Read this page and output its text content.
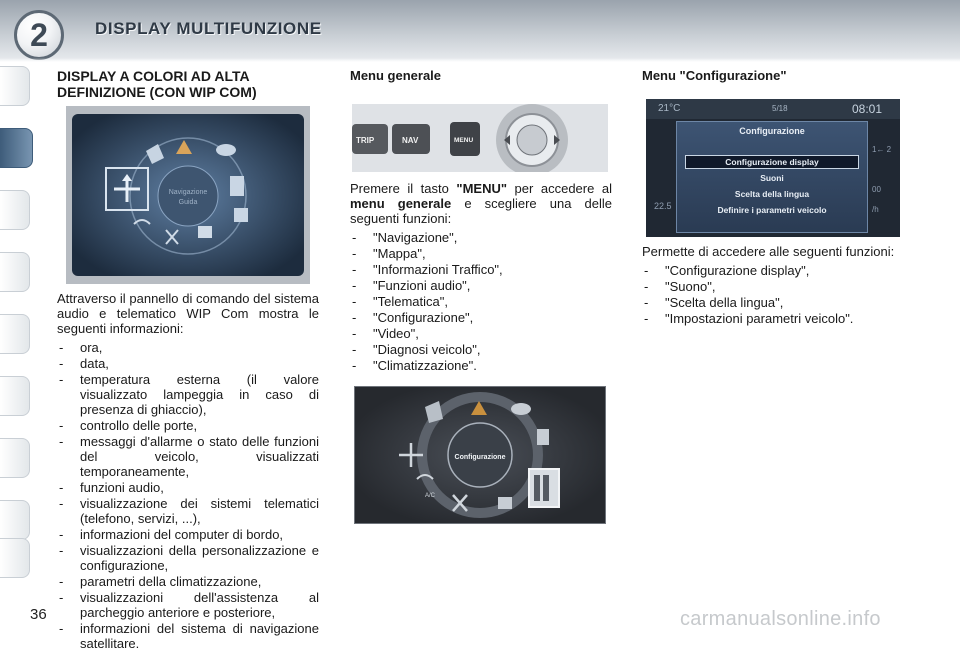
2	DISPLAY MULTIFUNZIONE
DISPLAY A COLORI AD ALTA
DEFINIZIONE (CON WIP COM)
Navigazione
Guida

Attraverso il pannello di comando del sistema audio e telematico WIP Com mostra le seguenti informazioni:

- ora,
- data,
- temperatura esterna (il valore visualizzato lampeggia in caso di presenza di ghiaccio),
- controllo delle porte,
- messaggi d'allarme o stato delle funzioni del veicolo, visualizzati temporaneamente,
- funzioni audio,
- visualizzazione dei sistemi telematici (telefono, servizi, ...),
- informazioni del computer di bordo,
- visualizzazioni della personalizzazione e configurazione,
- parametri della climatizzazione,
- visualizzazioni dell'assistenza al parcheggio anteriore e posteriore,
- informazioni del sistema di navigazione satellitare.
Menu generale
TRIP	NAV	MENU

Premere il tasto "MENU" per accedere al menu generale e scegliere una delle seguenti funzioni:

- "Navigazione",
- "Mappa",
- "Informazioni Traffico",
- "Funzioni audio",
- "Telematica",
- "Configurazione",
- "Video",
- "Diagnosi veicolo",
- "Climatizzazione".
Configurazione
A/C
Menu "Configurazione"
21°C	5/18	08:01
Configurazione
Configurazione display
Suoni
Scelta della lingua
Definire i parametri veicolo
22.5
1← 2
00
/h

Permette di accedere alle seguenti funzioni:

- "Configurazione display",
- "Suono",
- "Scelta della lingua",
- "Impostazioni parametri veicolo".
36	carmanualsonline.info
